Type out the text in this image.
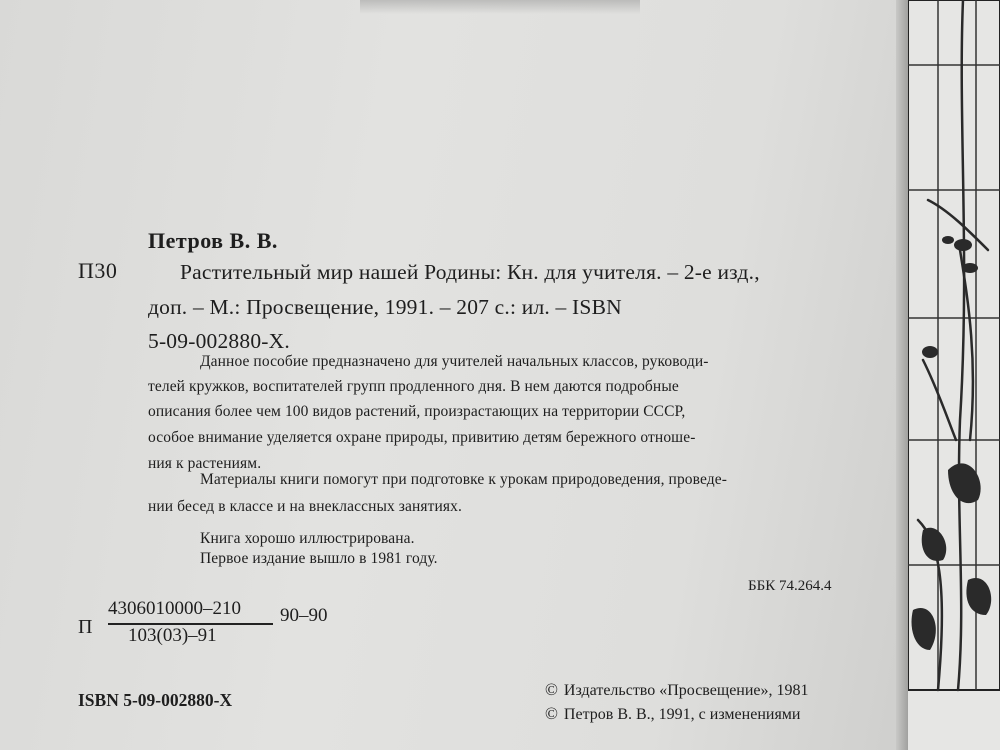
Петров В. В.
П30	Растительный мир нашей Родины: Кн. для учителя. – 2-е изд.,
доп. – М.: Просвещение, 1991. – 207 с.: ил. – ISBN
5-09-002880-Х.
Данное пособие предназначено для учителей начальных классов, руководи-
телей кружков, воспитателей групп продленного дня. В нем даются подробные
описания более чем 100 видов растений, произрастающих на территории СССР,
особое внимание уделяется охране природы, привитию детям бережного отноше-
ния к растениям.
Материалы книги помогут при подготовке к урокам природоведения, проведе-
нии бесед в классе и на внеклассных занятиях.
Книга хорошо иллюстрирована.
Первое издание вышло в 1981 году.
ББК 74.264.4
П
4306010000–210
103(03)–91
90–90
ISBN 5-09-002880-Х
© Издательство «Просвещение», 1981
© Петров В. В., 1991, с изменениями
